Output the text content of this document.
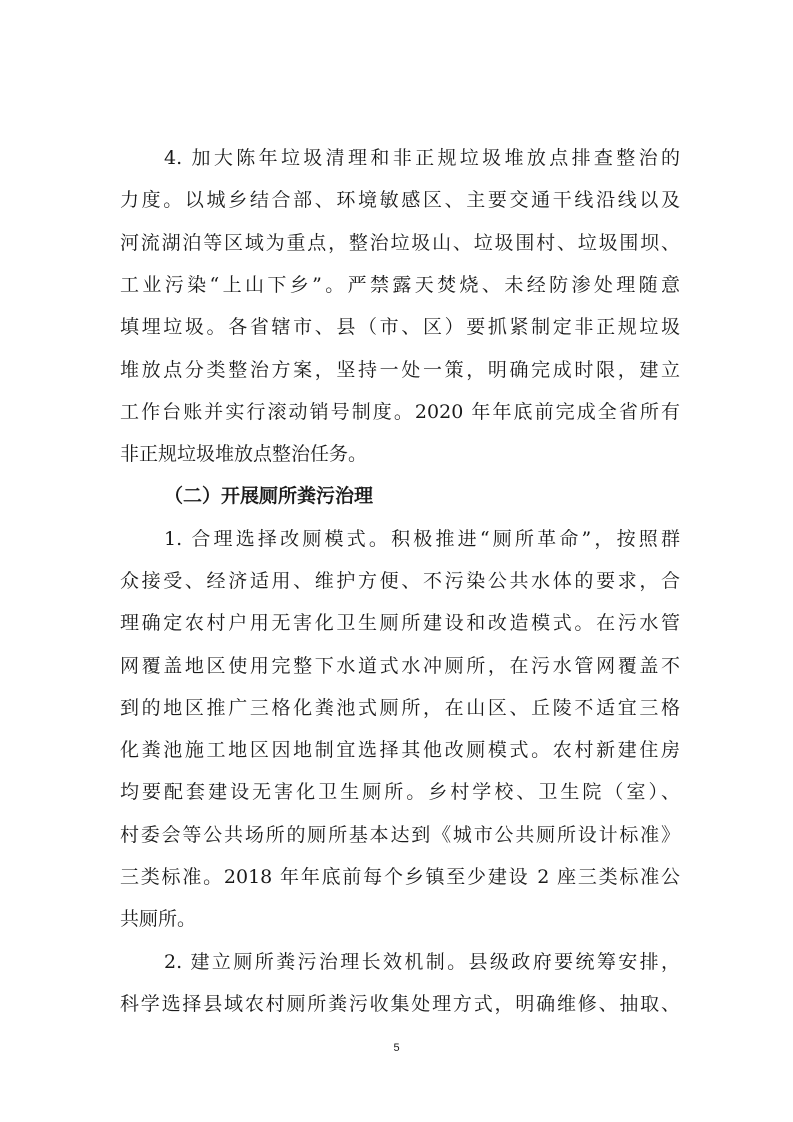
4. 加大陈年垃圾清理和非正规垃圾堆放点排查整治的
力度。以城乡结合部、环境敏感区、主要交通干线沿线以及
河流湖泊等区域为重点，整治垃圾山、垃圾围村、垃圾围坝、
工业污染“上山下乡”。严禁露天焚烧、未经防渗处理随意
填埋垃圾。各省辖市、县（市、区）要抓紧制定非正规垃圾
堆放点分类整治方案，坚持一处一策，明确完成时限，建立
工作台账并实行滚动销号制度。2020 年年底前完成全省所有
非正规垃圾堆放点整治任务。
（二）开展厕所粪污治理
1. 合理选择改厕模式。积极推进“厕所革命”，按照群
众接受、经济适用、维护方便、不污染公共水体的要求，合
理确定农村户用无害化卫生厕所建设和改造模式。在污水管
网覆盖地区使用完整下水道式水冲厕所，在污水管网覆盖不
到的地区推广三格化粪池式厕所，在山区、丘陵不适宜三格
化粪池施工地区因地制宜选择其他改厕模式。农村新建住房
均要配套建设无害化卫生厕所。乡村学校、卫生院（室）、
村委会等公共场所的厕所基本达到《城市公共厕所设计标准》
三类标准。2018 年年底前每个乡镇至少建设 2 座三类标准公
共厕所。
5
2. 建立厕所粪污治理长效机制。县级政府要统筹安排，
科学选择县域农村厕所粪污收集处理方式，明确维修、抽取、
